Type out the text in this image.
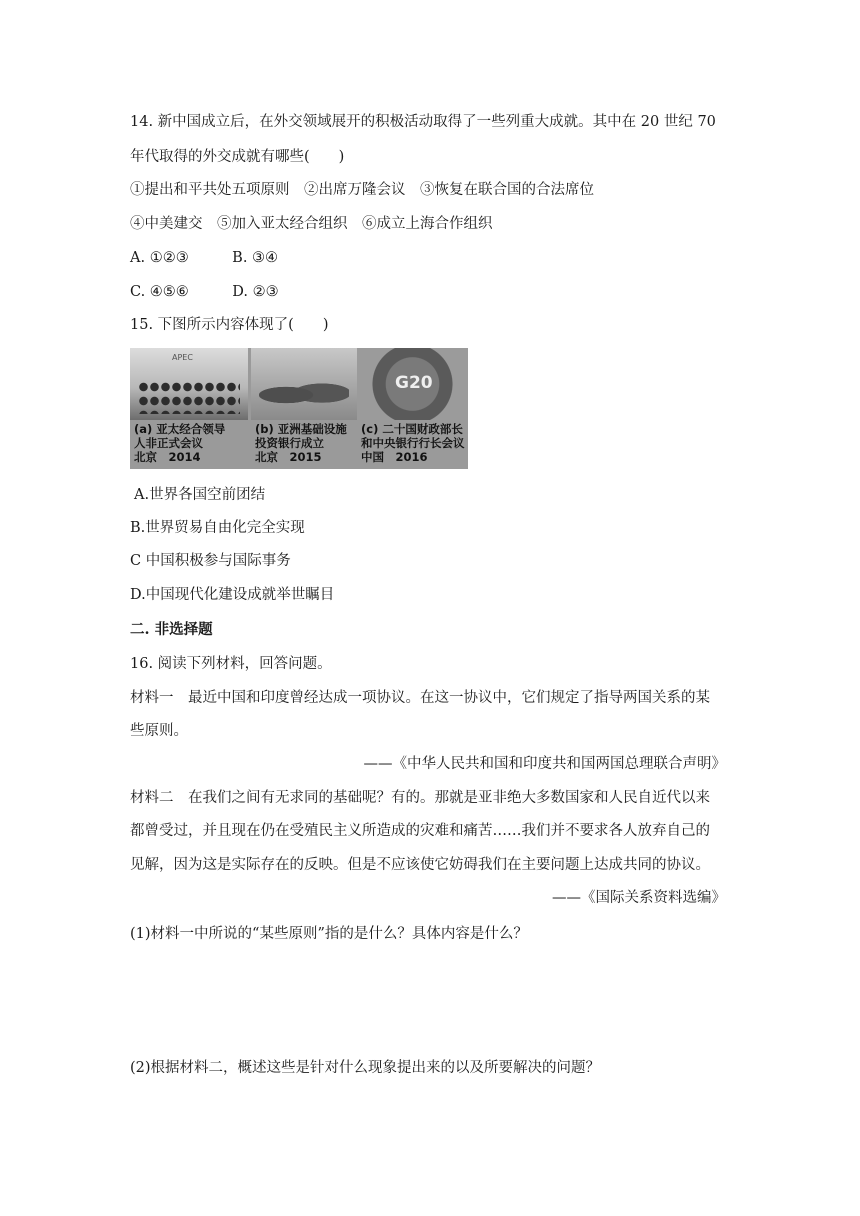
14. 新中国成立后，在外交领域展开的积极活动取得了一些列重大成就。其中在 20 世纪 70
年代取得的外交成就有哪些(　　)
①提出和平共处五项原则　②出席万隆会议　③恢复在联合国的合法席位
④中美建交　⑤加入亚太经合组织　⑥成立上海合作组织
A. ①②③　　　B. ③④
C. ④⑤⑥　　　D. ②③
15. 下图所示内容体现了(　　)
APEC
(a) 亚太经合领导
人非正式会议
北京　2014
(b) 亚洲基础设施
投资银行成立
北京　2015
G20
(c) 二十国财政部长
和中央银行行长会议
中国　2016
A.世界各国空前团结
B.世界贸易自由化完全实现
C 中国积极参与国际事务
D.中国现代化建设成就举世瞩目
二. 非选择题
16. 阅读下列材料，回答问题。
材料一　最近中国和印度曾经达成一项协议。在这一协议中，它们规定了指导两国关系的某
些原则。
——《中华人民共和国和印度共和国两国总理联合声明》
材料二　在我们之间有无求同的基础呢？有的。那就是亚非绝大多数国家和人民自近代以来
都曾受过，并且现在仍在受殖民主义所造成的灾难和痛苦……我们并不要求各人放弃自己的
见解，因为这是实际存在的反映。但是不应该使它妨碍我们在主要问题上达成共同的协议。
——《国际关系资料选编》
(1)材料一中所说的“某些原则”指的是什么？具体内容是什么？
(2)根据材料二，概述这些是针对什么现象提出来的以及所要解决的问题？
